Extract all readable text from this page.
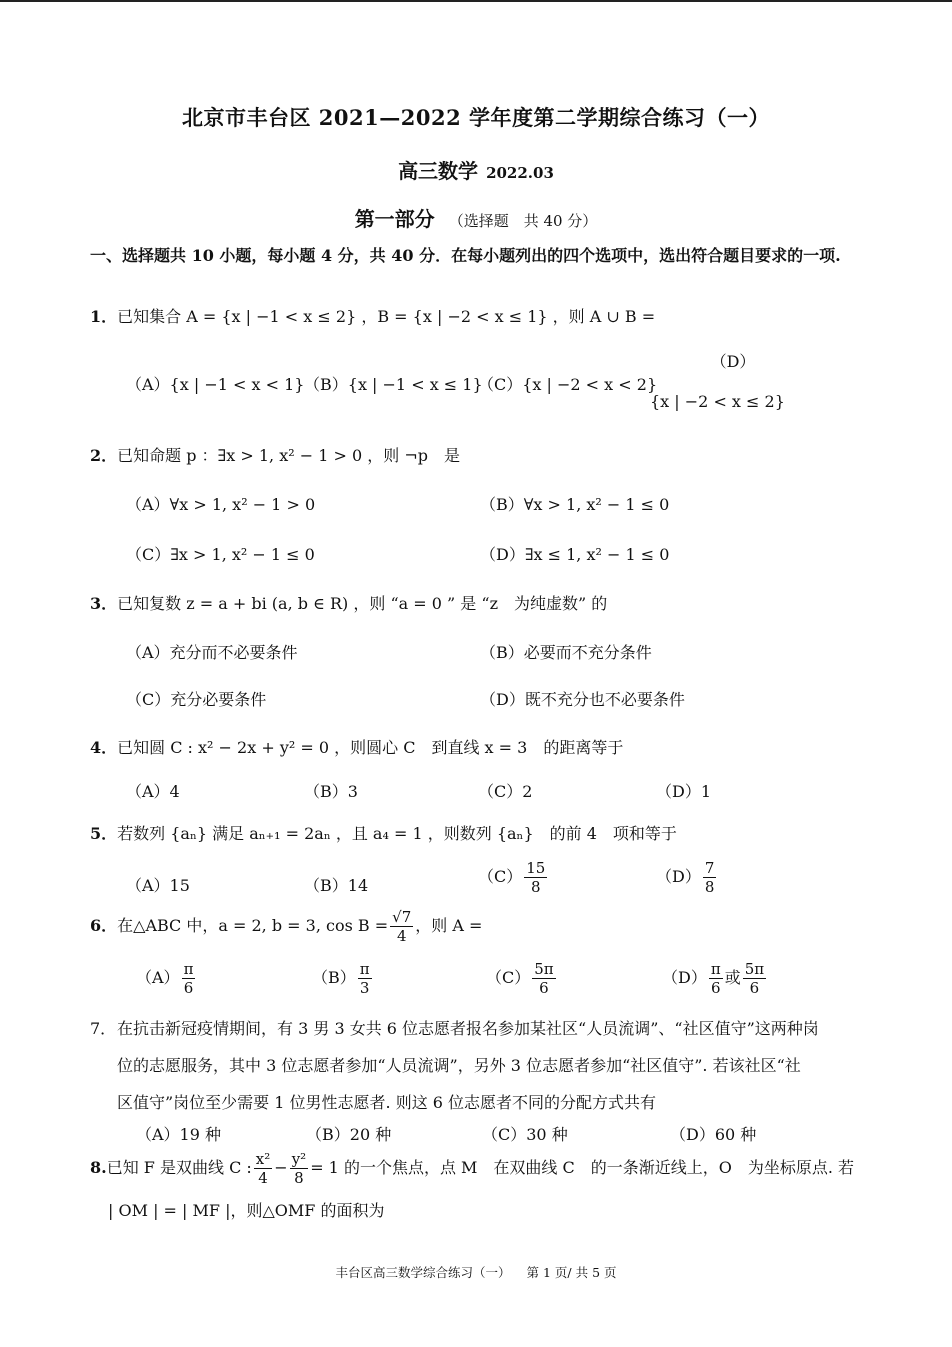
北京市丰台区 2021—2022 学年度第二学期综合练习（一）
高三数学 2022.03
第一部分 （选择题　共 40 分）
一、选择题共 10 小题，每小题 4 分，共 40 分．在每小题列出的四个选项中，选出符合题目要求的一项.
1．已知集合 A = {x | −1 < x ≤ 2} ，B = {x | −2 < x ≤ 1} ，则 A ∪ B =
（A）{x | −1 < x < 1} （B）{x | −1 < x ≤ 1}
（C）{x | −2 < x < 2}
（D）
{x | −2 < x ≤ 2}
2．已知命题 p ：∃x > 1, x² − 1 > 0 ，则 ¬p　是
（A）∀x > 1, x² − 1 > 0	（B）∀x > 1, x² − 1 ≤ 0
（C）∃x > 1, x² − 1 ≤ 0	（D）∃x ≤ 1, x² − 1 ≤ 0
3．已知复数 z = a + bi (a, b ∈ R) ，则 “a = 0 ” 是 “z　为纯虚数” 的
（A）充分而不必要条件	（B）必要而不充分条件
（C）充分必要条件	（D）既不充分也不必要条件
4．已知圆 C : x² − 2x + y² = 0 ，则圆心 C　到直线 x = 3　的距离等于
（A）4	（B）3	（C）2	（D）1
5．若数列 {aₙ} 满足 aₙ₊₁ = 2aₙ ，且 a₄ = 1 ，则数列 {aₙ}　的前 4　项和等于
（A）15	（B）14	$(C) \frac{15}{8}$	$(D) \frac{7}{8}$
6．在△ABC 中，a = 2, b = 3, $\cos B = \frac{√7}{4}$ ，则 A =
$(A) \frac{\pi}{6}$	$(B) \frac{\pi}{3}$	$(C) \frac{5\pi}{6}$	$(D) \frac{\pi}{6}$ 或 $\frac{5\pi}{6}$
7． 在抗击新冠疫情期间，有 3 男 3 女共 6 位志愿者报名参加某社区“人员流调”、“社区值守”这两种岗
位的志愿服务，其中 3 位志愿者参加“人员流调”，另外 3 位志愿者参加“社区值守”. 若该社区“社
区值守”岗位至少需要 1 位男性志愿者. 则这 6 位志愿者不同的分配方式共有
（A）19 种	（B）20 种	（C）30 种	（D）60 种
8.已知 F 是双曲线 C : $\frac{\text{x²}}{4} - \frac{\text{y²}}{8} = 1$ 的一个焦点，点 M　在双曲线 C　的一条渐近线上，O　为坐标原点. 若
| OM | = | MF |，则△OMF 的面积为
丰台区高三数学综合练习（一） 第 1 页/ 共 5 页
